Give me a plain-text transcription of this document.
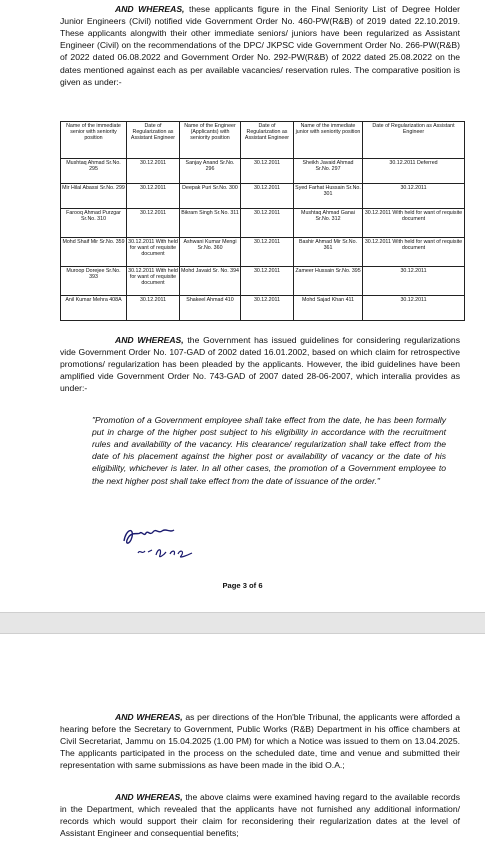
AND WHEREAS, these applicants figure in the Final Seniority List of Degree Holder Junior Engineers (Civil) notified vide Government Order No. 460-PW(R&B) of 2019 dated 22.10.2019. These applicants alongwith their other immediate seniors/ juniors have been regularized as Assistant Engineer (Civil) on the recommendations of the DPC/ JKPSC vide Government Order No. 266-PW(R&B) of 2022 dated 06.08.2022 and Government Order No. 292-PW(R&B) of 2022 dated 25.08.2022 on the dates mentioned against each as per available vacancies/ reservation rules. The comparative position is given as under:-

Name of the immediate senior with seniority position	Date of Regularization as Assistant Engineer	Name of the Engineer (Applicants) with seniority position	Date of Regularization as Assistant Engineer	Name of the immediate junior with seniority position	Date of Regularization as Assistant Engineer
Mushtaq Ahmad Sr.No. 295	30.12.2011	Sanjay Anand Sr.No. 296	30.12.2011	Sheikh Javaid Ahmad Sr.No. 297	30.12.2011 Deferred
Mir Hilal Abassi Sr.No. 299	30.12.2011	Deepak Puri Sr.No. 300	30.12.2011	Syed Farhat Hussain Sr.No. 301	30.12.2011
Farooq Ahmad Purzgar Sr.No. 310	30.12.2011	Bikram Singh Sr.No. 311	30.12.2011	Mushtaq Ahmad Ganai Sr.No. 312	30.12.2011 With held for want of requisite document
Mohd Shaif Mir Sr.No. 359	30.12.2011 With held for want of requisite document	Ashwani Kumar Mengi Sr.No. 360	30.12.2011	Bashir Ahmad Mir Sr.No. 361	30.12.2011 With held for want of requisite document
Muroop Dorejee Sr.No. 393	30.12.2011 With held for want of requisite document	Mohd Javaid Sr. No. 394	30.12.2011	Zameer Hussain Sr.No. 395	30.12.2011
Anil Kumar Mehra 408A	30.12.2011	Shakeel Ahmad 410	30.12.2011	Mohd Sajad Khan 411	30.12.2011

AND WHEREAS, the Government has issued guidelines for considering regularizations vide Government Order No. 107-GAD of 2002 dated 16.01.2002, based on which claim for retrospective promotions/ regularization has been pleaded by the applicants. However, the ibid guidelines have been amplified vide Government Order No. 743-GAD of 2007 dated 28-06-2007, which interalia provides as under:-

"Promotion of a Government employee shall take effect from the date, he has been formally put in charge of the higher post subject to his eligibility in accordance with the recruitment rules and availability of the vacancy. His clearance/ regularization shall take effect from the date of his placement against the higher post or availability of vacancy or the date of his eligibility, whichever is later. In all other cases, the promotion of a Government employee to the next higher post shall take effect from the date of issuance of the order."

Page 3 of 6

AND WHEREAS, as per directions of the Hon'ble Tribunal, the applicants were afforded a hearing before the Secretary to Government, Public Works (R&B) Department in his office chambers at Civil Secretariat, Jammu on 15.04.2025 (1.00 PM) for which a Notice was issued to them on 13.04.2025. The applicants participated in the process on the scheduled date, time and venue and submitted their representation with same submissions as have been made in the ibid O.A.;

AND WHEREAS, the above claims were examined having regard to the available records in the Department, which revealed that the applicants have not furnished any additional information/ records which would support their claim for reconsidering their regularization dates at the level of Assistant Engineer and consequential benefits;
